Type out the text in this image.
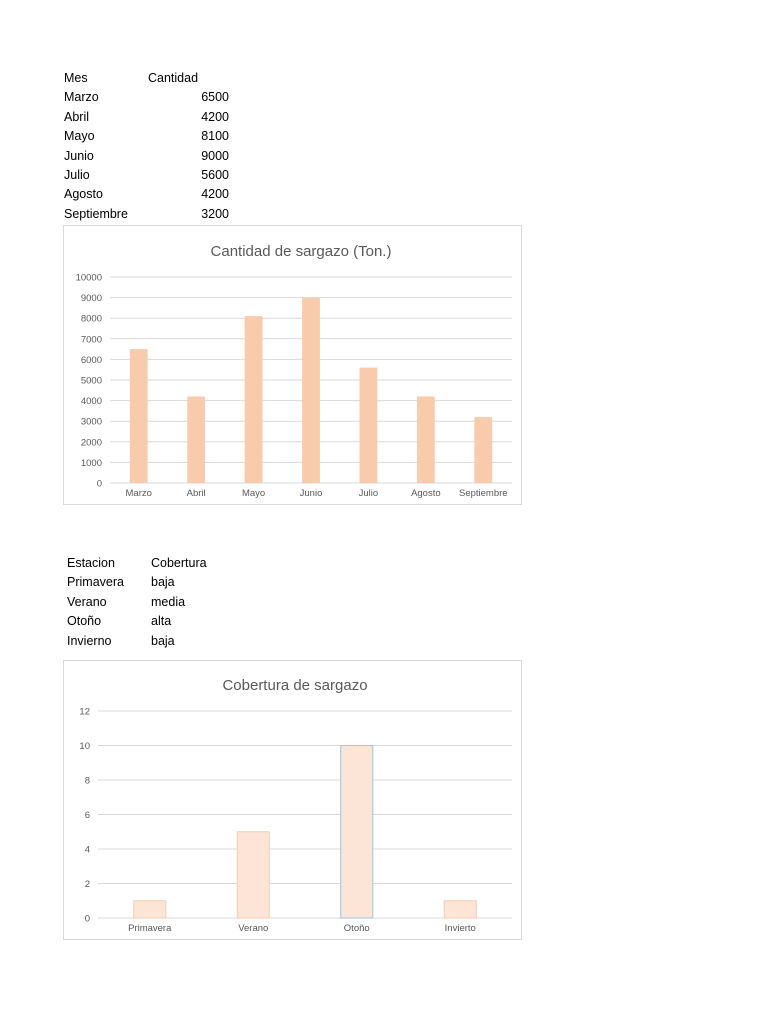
Mes	Cantidad
Marzo	6500
Abril	4200
Mayo	8100
Junio	9000
Julio	5600
Agosto	4200
Septiembre	3200
Cantidad de sargazo (Ton.)
0
1000
2000
3000
4000
5000
6000
7000
8000
9000
10000
Marzo	Abril	Mayo	Junio	Julio	Agosto Septiembre
Estacion	Cobertura
Primavera baja
Verano	media
Otoño	alta
Invierno	baja
Cobertura de sargazo
0
2
4
6
8
10
12
Primavera	Verano	Otoño	Invierto
